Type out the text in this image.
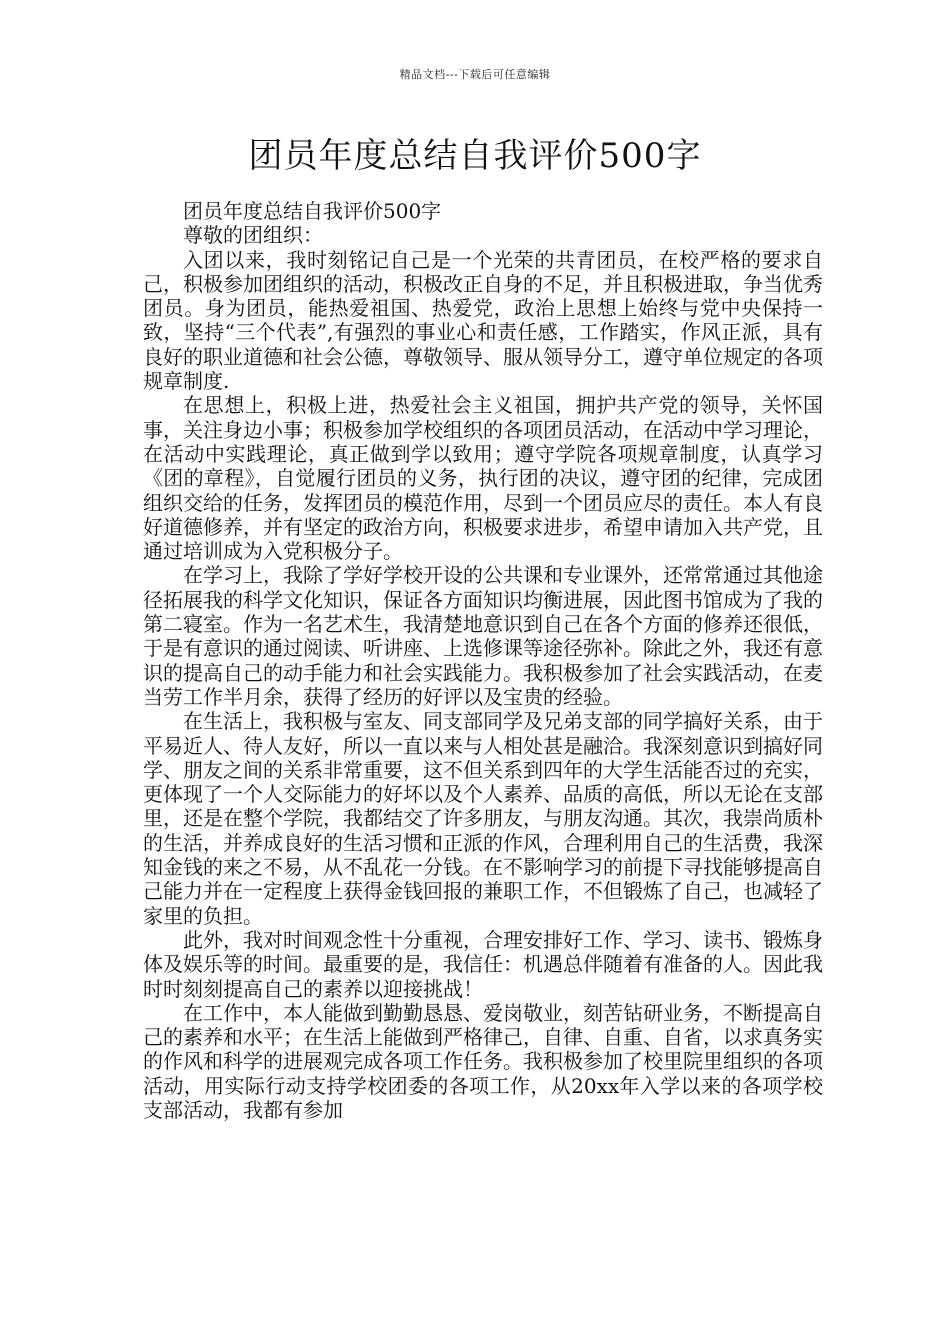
精品文档---下载后可任意编辑
团员年度总结自我评价500字

团员年度总结自我评价500字

尊敬的团组织：

入团以来，我时刻铭记自己是一个光荣的共青团员，在校严格的要求自己，积极参加团组织的活动，积极改正自身的不足，并且积极进取，争当优秀团员。身为团员，能热爱祖国、热爱党，政治上思想上始终与党中央保持一致，坚持“三个代表”,有强烈的事业心和责任感，工作踏实，作风正派，具有良好的职业道德和社会公德，尊敬领导、服从领导分工，遵守单位规定的各项规章制度.

在思想上，积极上进，热爱社会主义祖国，拥护共产党的领导，关怀国事，关注身边小事；积极参加学校组织的各项团员活动，在活动中学习理论，在活动中实践理论，真正做到学以致用；遵守学院各项规章制度，认真学习《团的章程》，自觉履行团员的义务，执行团的决议，遵守团的纪律，完成团组织交给的任务，发挥团员的模范作用，尽到一个团员应尽的责任。本人有良好道德修养，并有坚定的政治方向，积极要求进步，希望申请加入共产党，且通过培训成为入党积极分子。

在学习上，我除了学好学校开设的公共课和专业课外，还常常通过其他途径拓展我的科学文化知识，保证各方面知识均衡进展，因此图书馆成为了我的第二寝室。作为一名艺术生，我清楚地意识到自己在各个方面的修养还很低，于是有意识的通过阅读、听讲座、上选修课等途径弥补。除此之外，我还有意识的提高自己的动手能力和社会实践能力。我积极参加了社会实践活动，在麦当劳工作半月余，获得了经历的好评以及宝贵的经验。

在生活上，我积极与室友、同支部同学及兄弟支部的同学搞好关系，由于平易近人、待人友好，所以一直以来与人相处甚是融洽。我深刻意识到搞好同学、朋友之间的关系非常重要，这不但关系到四年的大学生活能否过的充实，更体现了一个人交际能力的好坏以及个人素养、品质的高低，所以无论在支部里，还是在整个学院，我都结交了许多朋友，与朋友沟通。其次，我崇尚质朴的生活，并养成良好的生活习惯和正派的作风，合理利用自己的生活费，我深知金钱的来之不易，从不乱花一分钱。在不影响学习的前提下寻找能够提高自己能力并在一定程度上获得金钱回报的兼职工作，不但锻炼了自己，也减轻了家里的负担。

此外，我对时间观念性十分重视，合理安排好工作、学习、读书、锻炼身体及娱乐等的时间。最重要的是，我信任：机遇总伴随着有准备的人。因此我时时刻刻提高自己的素养以迎接挑战！

在工作中，本人能做到勤勤恳恳、爱岗敬业，刻苦钻研业务，不断提高自己的素养和水平；在生活上能做到严格律己，自律、自重、自省，以求真务实的作风和科学的进展观完成各项工作任务。我积极参加了校里院里组织的各项活动，用实际行动支持学校团委的各项工作，从20xx年入学以来的各项学校支部活动，我都有参加
